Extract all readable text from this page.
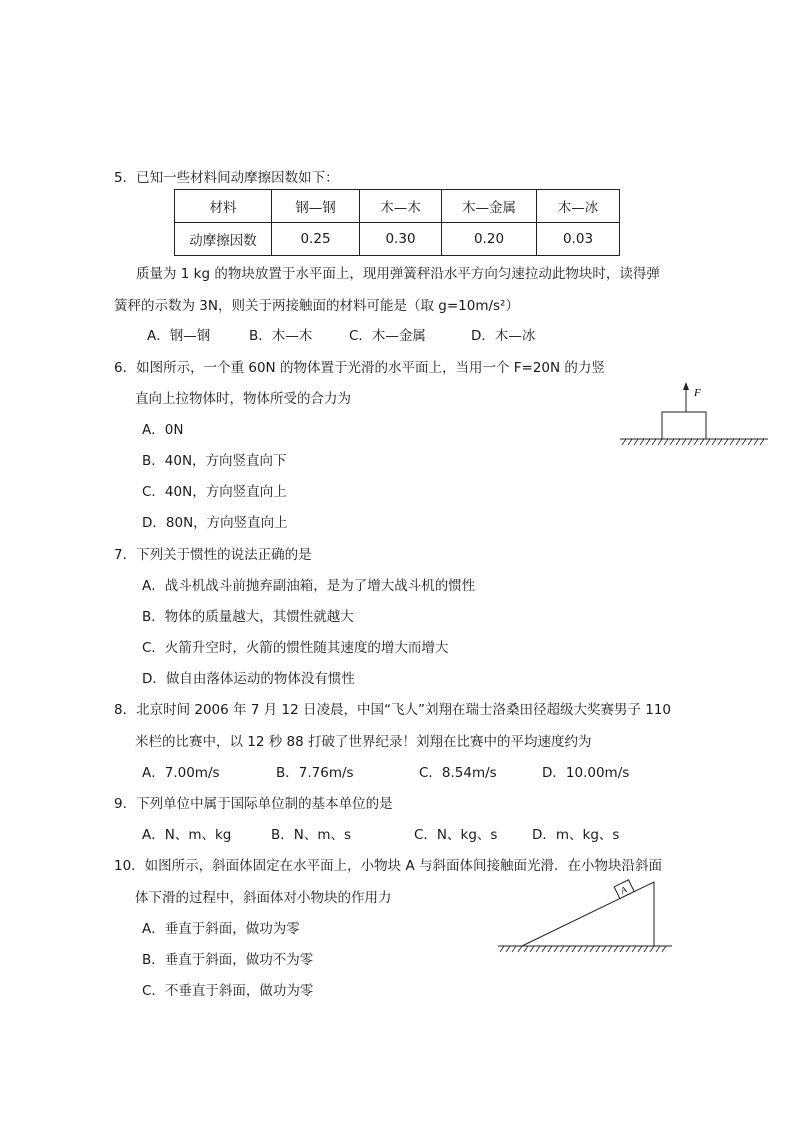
5．已知一些材料间动摩擦因数如下：
材料	钢—钢	木—木	木—金属	木—冰
动摩擦因数	0.25	0.30	0.20	0.03
质量为 1 kg 的物块放置于水平面上，现用弹簧秤沿水平方向匀速拉动此物块时，读得弹
簧秤的示数为 3N，则关于两接触面的材料可能是（取 g=10m/s²）
A．钢—钢	B．木—木	C．木—金属	D．木—冰
6．如图所示，一个重 60N 的物体置于光滑的水平面上，当用一个 F=20N 的力竖
直向上拉物体时，物体所受的合力为
A．0N
B．40N，方向竖直向下
C．40N，方向竖直向上
D．80N，方向竖直向上
F
7．下列关于惯性的说法正确的是
A．战斗机战斗前抛弃副油箱，是为了增大战斗机的惯性
B．物体的质量越大，其惯性就越大
C．火箭升空时，火箭的惯性随其速度的增大而增大
D．做自由落体运动的物体没有惯性
8．北京时间 2006 年 7 月 12 日凌晨，中国“飞人”刘翔在瑞士洛桑田径超级大奖赛男子 110
米栏的比赛中，以 12 秒 88 打破了世界纪录！刘翔在比赛中的平均速度约为
A．7.00m/s	B．7.76m/s	C．8.54m/s	D．10.00m/s
9．下列单位中属于国际单位制的基本单位的是
A．N、m、kg	B．N、m、s	C．N、kg、s	D．m、kg、s
10．如图所示，斜面体固定在水平面上，小物块 A 与斜面体间接触面光滑．在小物块沿斜面
体下滑的过程中，斜面体对小物块的作用力
A．垂直于斜面，做功为零
B．垂直于斜面，做功不为零
C．不垂直于斜面，做功为零
A
